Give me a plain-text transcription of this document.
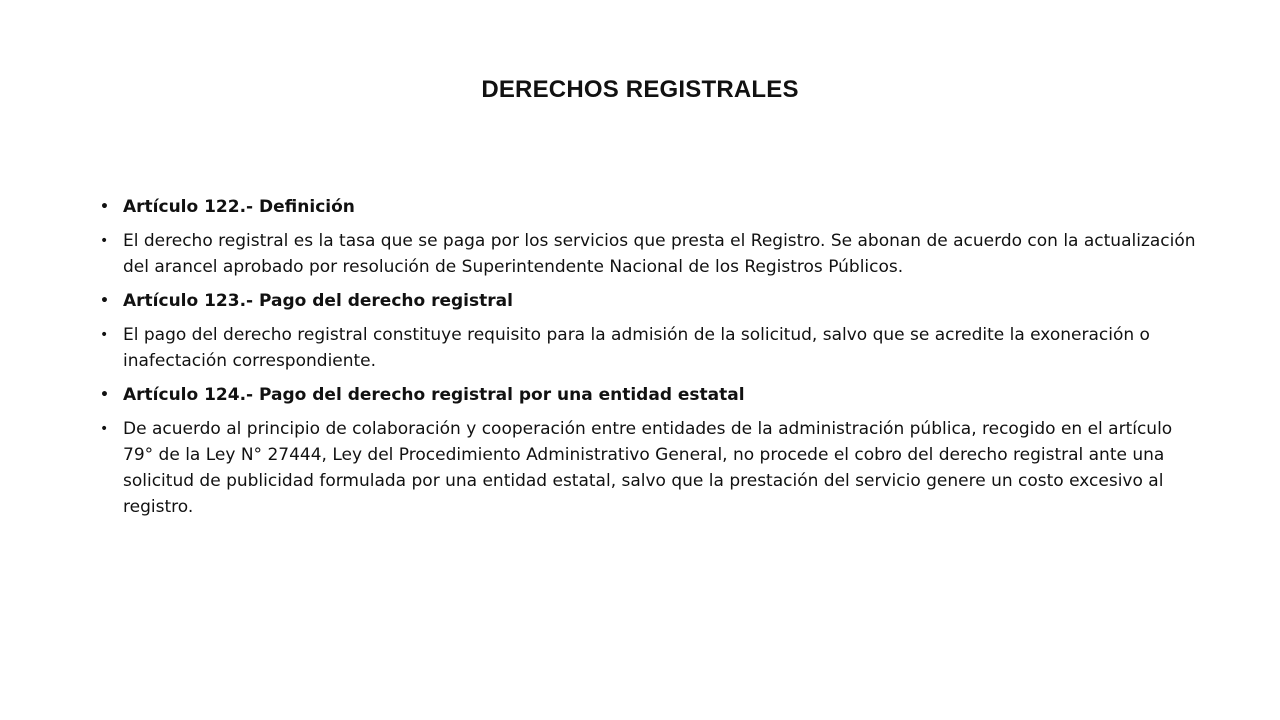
DERECHOS REGISTRALES
• Artículo 122.- Definición
• El derecho registral es la tasa que se paga por los servicios que presta el Registro. Se abonan de acuerdo con la actualización del arancel aprobado por resolución de Superintendente Nacional de los Registros Públicos.
• Artículo 123.- Pago del derecho registral
• El pago del derecho registral constituye requisito para la admisión de la solicitud, salvo que se acredite la exoneración o inafectación correspondiente.
• Artículo 124.- Pago del derecho registral por una entidad estatal
• De acuerdo al principio de colaboración y cooperación entre entidades de la administración pública, recogido en el artículo 79° de la Ley N° 27444, Ley del Procedimiento Administrativo General, no procede el cobro del derecho registral ante una solicitud de publicidad formulada por una entidad estatal, salvo que la prestación del servicio genere un costo excesivo al registro.
